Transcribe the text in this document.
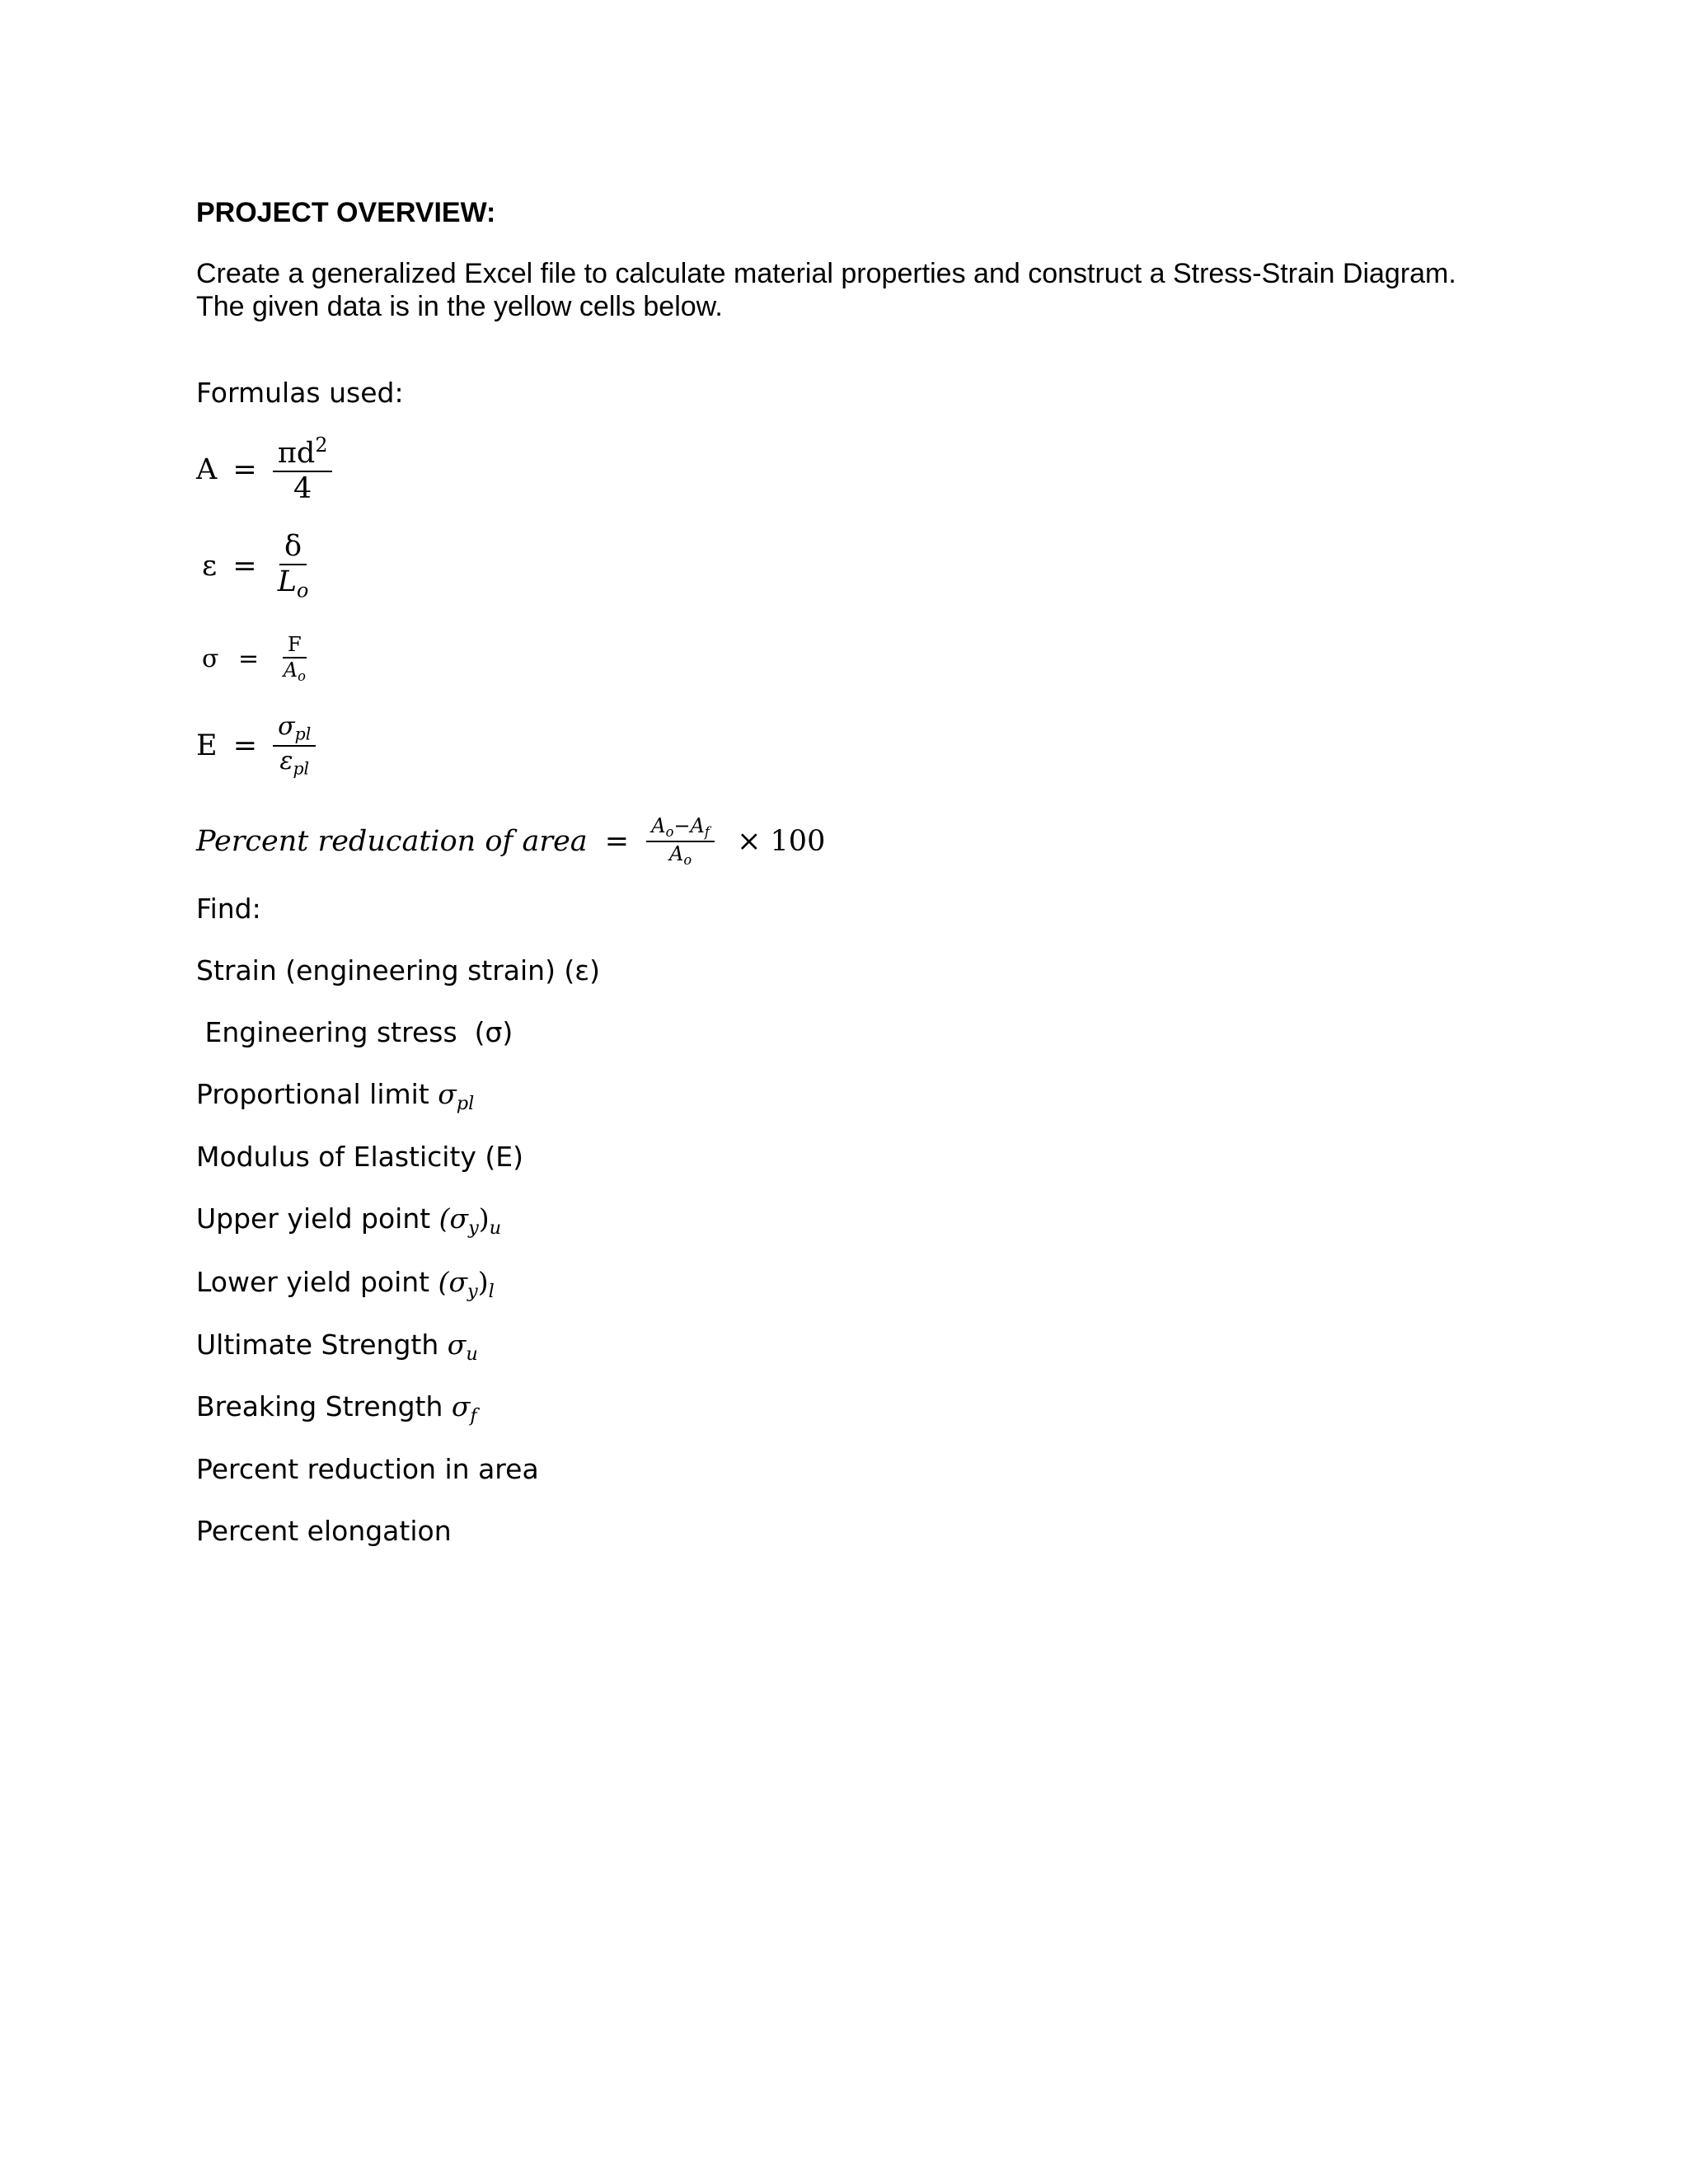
PROJECT OVERVIEW:
Create a generalized Excel file to calculate material properties and construct a Stress-Strain Diagram.
The given data is in the yellow cells below.
Formulas used:
$A = \frac{\pi d^2}{4}$
$\varepsilon = \frac{\delta}{L_o}$
$\sigma = \frac{F}{A_o}$
$E = \frac{\sigma_{pl}}{\varepsilon_{pl}}$
Percent reducation of area = $\frac{A_o-A_f}{A_o} \times 100$
Find:
Strain (engineering strain) (ε)
Engineering stress  (σ)
Proportional limit $\sigma_{pl}$
Modulus of Elasticity (E)
Upper yield point $(\sigma_y)_u$
Lower yield point $(\sigma_y)_l$
Ultimate Strength $\sigma_u$
Breaking Strength $\sigma_f$
Percent reduction in area
Percent elongation
